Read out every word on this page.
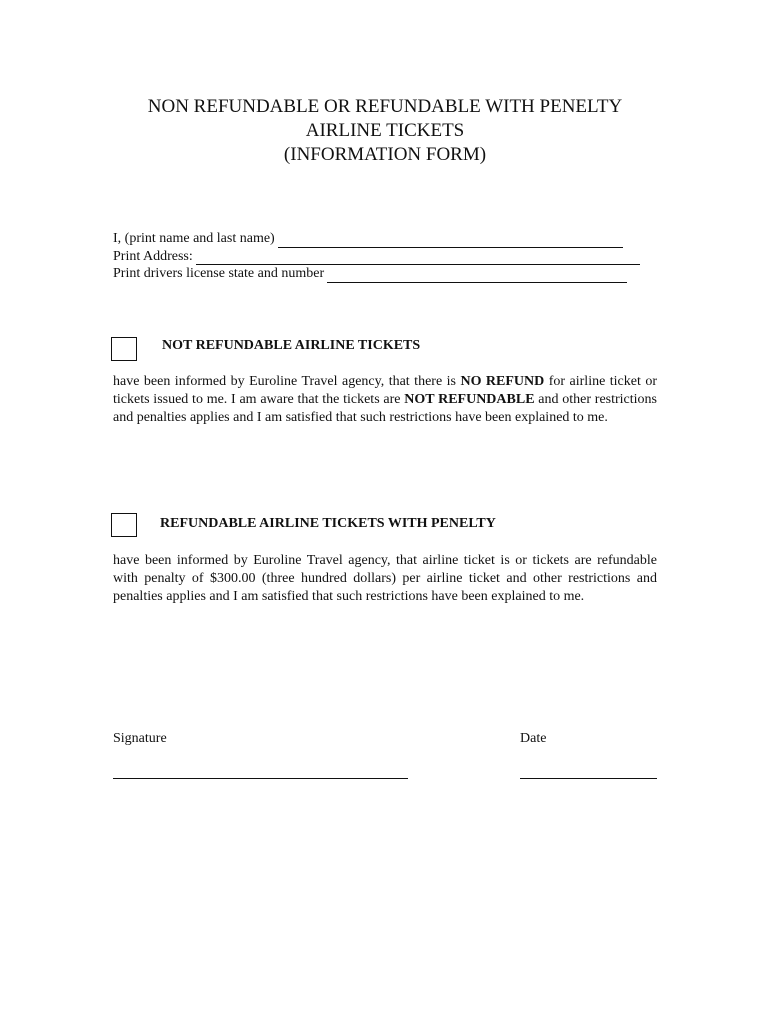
NON REFUNDABLE OR REFUNDABLE WITH PENELTY
AIRLINE TICKETS
(INFORMATION FORM)
I, (print name and last name)
Print Address:
Print drivers license state and number
NOT REFUNDABLE AIRLINE TICKETS
have been informed by Euroline Travel agency, that there is NO REFUND for airline ticket or tickets issued to me. I am aware that the tickets are NOT REFUNDABLE and other restrictions and penalties applies and I am satisfied that such restrictions have been explained to me.
REFUNDABLE AIRLINE TICKETS WITH PENELTY
have been informed by Euroline Travel agency, that airline ticket is or tickets are refundable with penalty of $300.00 (three hundred dollars) per airline ticket and other restrictions and penalties applies and I am satisfied that such restrictions have been explained to me.
Signature	Date
